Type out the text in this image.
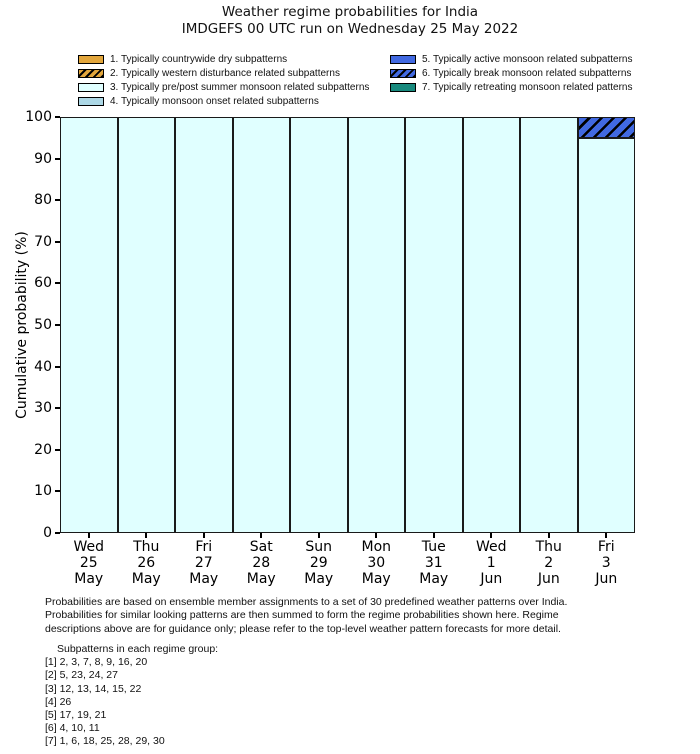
Weather regime probabilities for India
IMDGEFS 00 UTC run on Wednesday 25 May 2022
1. Typically countrywide dry subpatterns
2. Typically western disturbance related subpatterns
3. Typically pre/post summer monsoon related subpatterns
4. Typically monsoon onset related subpatterns
5. Typically active monsoon related subpatterns
6. Typically break monsoon related subpatterns
7. Typically retreating monsoon related patterns
Cumulative probability (%)
0
10
20
30
40
50
60
70
80
90
100
Wed
25
May
Thu
26
May
Fri
27
May
Sat
28
May
Sun
29
May
Mon
30
May
Tue
31
May
Wed
1
Jun
Thu
2
Jun
Fri
3
Jun
Probabilities are based on ensemble member assignments to a set of 30 predefined weather patterns over India.
Probabilities for similar looking patterns are then summed to form the regime probabilities shown here. Regime
descriptions above are for guidance only; please refer to the top-level weather pattern forecasts for more detail.
Subpatterns in each regime group:
[1] 2, 3, 7, 8, 9, 16, 20
[2] 5, 23, 24, 27
[3] 12, 13, 14, 15, 22
[4] 26
[5] 17, 19, 21
[6] 4, 10, 11
[7] 1, 6, 18, 25, 28, 29, 30
